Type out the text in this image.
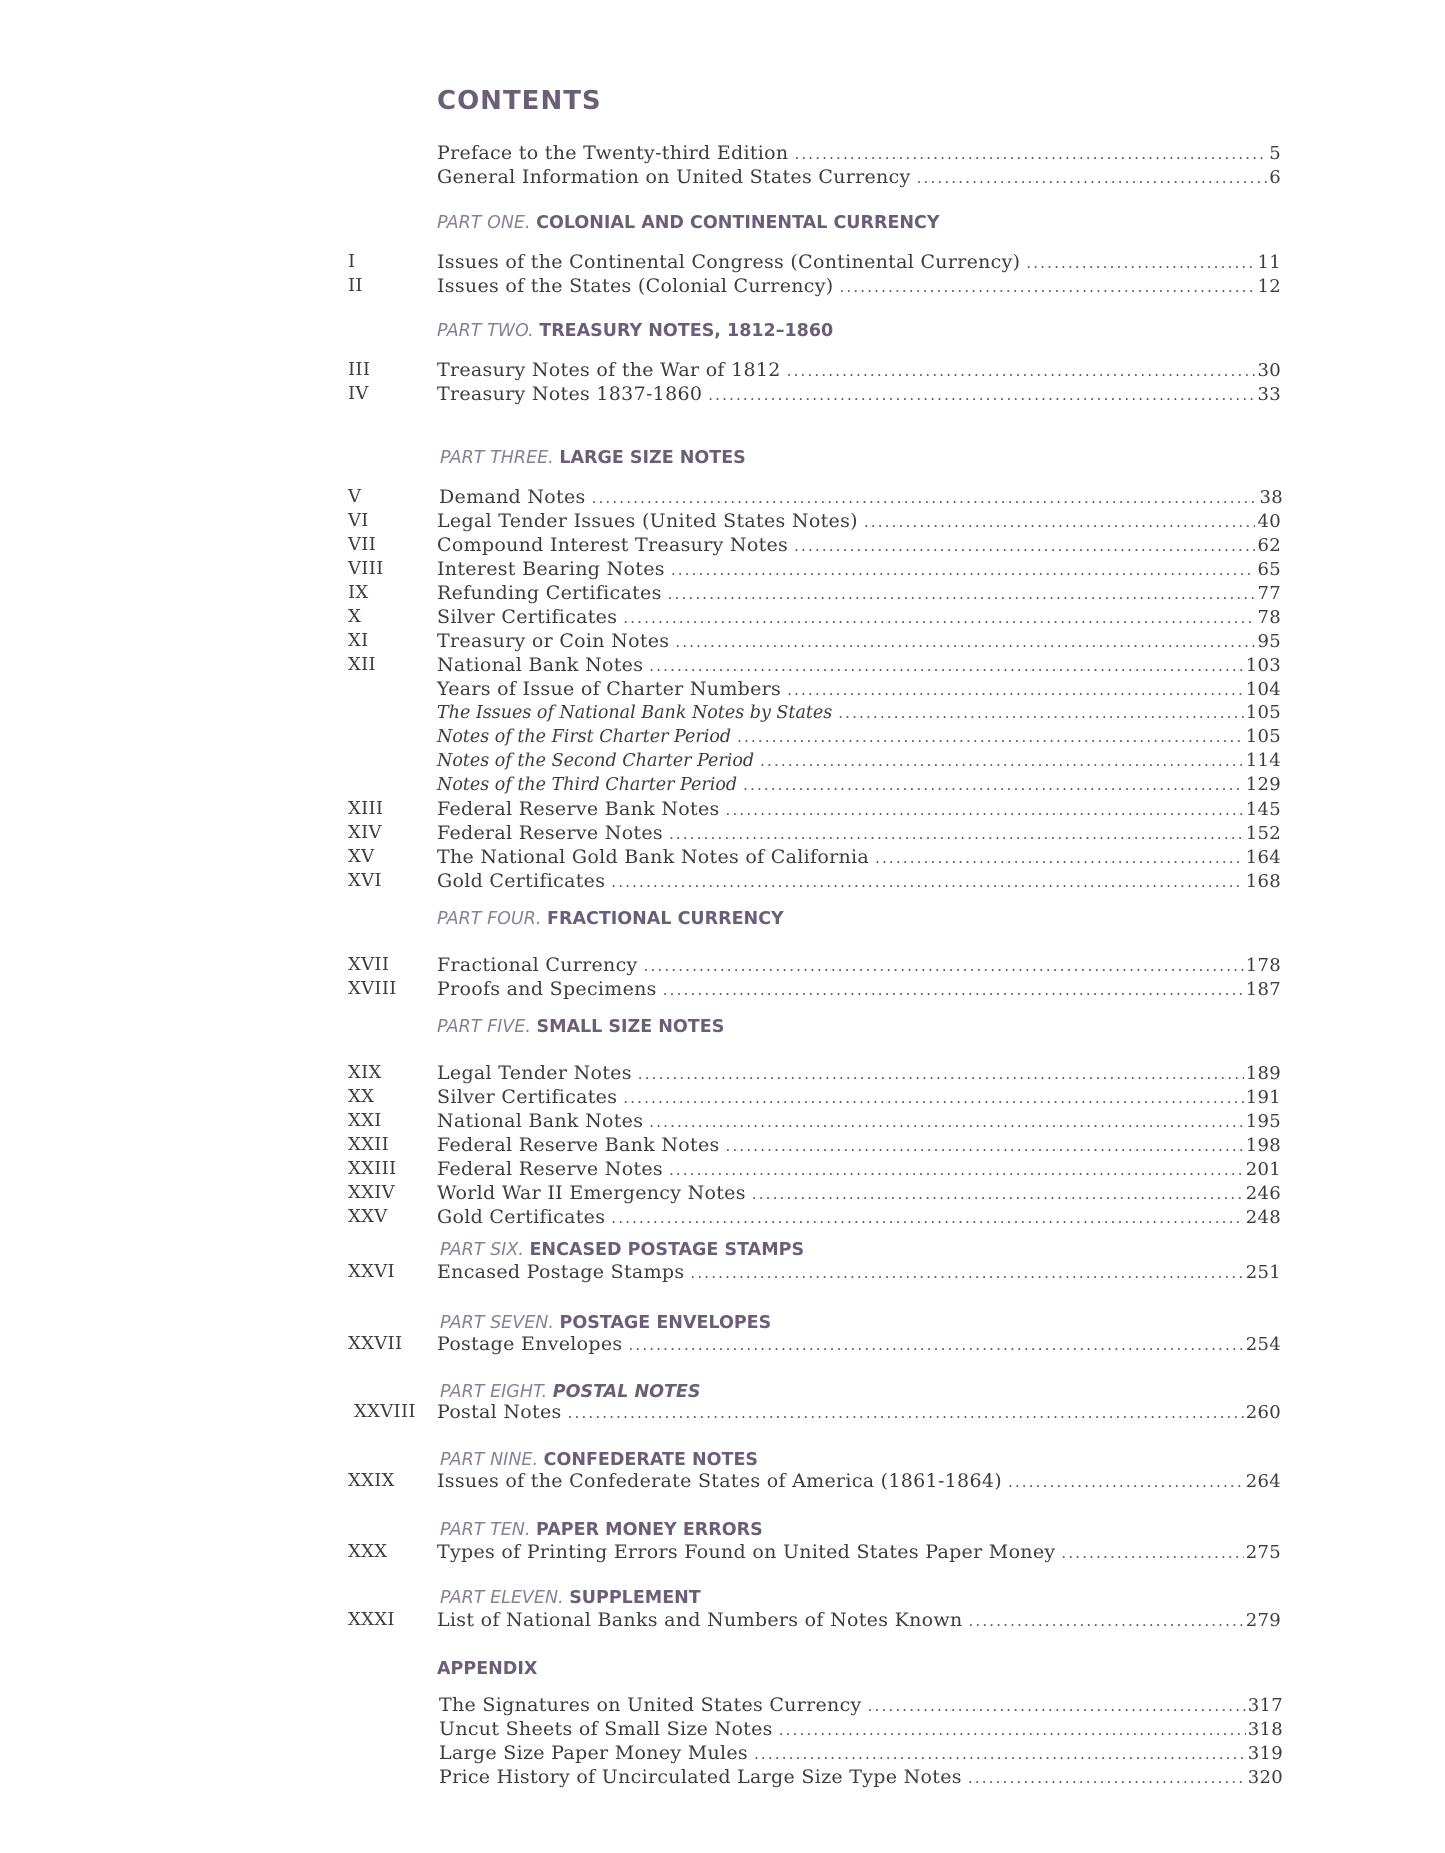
CONTENTS
PART ONE. COLONIAL AND CONTINENTAL CURRENCY
PART TWO. TREASURY NOTES, 1812–1860
PART THREE. LARGE SIZE NOTES
PART FOUR. FRACTIONAL CURRENCY
PART FIVE. SMALL SIZE NOTES
PART SIX. ENCASED POSTAGE STAMPS
PART SEVEN. POSTAGE ENVELOPES
PART EIGHT. POSTAL NOTES
PART NINE. CONFEDERATE NOTES
PART TEN. PAPER MONEY ERRORS
PART ELEVEN. SUPPLEMENT
APPENDIX
Preface to the Twenty-third Edition . . .	5
General Information on United States Currency . . .	6
I	Issues of the Continental Congress (Continental Currency) . . .	11
II	Issues of the States (Colonial Currency) . . .	12
III	Treasury Notes of the War of 1812 . . .	30
IV	Treasury Notes 1837-1860 . . .	33
V	Demand Notes . . .	38
VI	Legal Tender Issues (United States Notes) . . .	40
VII	Compound Interest Treasury Notes . . .	62
VIII	Interest Bearing Notes . . .	65
IX	Refunding Certificates . . .	77
X	Silver Certificates . . .	78
XI	Treasury or Coin Notes . . .	95
XII	National Bank Notes . . .	103
Years of Issue of Charter Numbers . . .	104
The Issues of National Bank Notes by States . . .	105
Notes of the First Charter Period . . .	105
Notes of the Second Charter Period . . .	114
Notes of the Third Charter Period . . .	129
XIII	Federal Reserve Bank Notes . . .	145
XIV	Federal Reserve Notes . . .	152
XV	The National Gold Bank Notes of California . . .	164
XVI	Gold Certificates . . .	168
XVII	Fractional Currency . . .	178
XVIII	Proofs and Specimens . . .	187
XIX	Legal Tender Notes . . .	189
XX	Silver Certificates . . .	191
XXI	National Bank Notes . . .	195
XXII	Federal Reserve Bank Notes . . .	198
XXIII	Federal Reserve Notes . . .	201
XXIV	World War II Emergency Notes . . .	246
XXV	Gold Certificates . . .	248
XXVI	Encased Postage Stamps . . .	251
XXVII	Postage Envelopes . . .	254
XXVIII	Postal Notes . . .	260
XXIX	Issues of the Confederate States of America (1861-1864) . . .	264
XXX	Types of Printing Errors Found on United States Paper Money . . .	275
XXXI	List of National Banks and Numbers of Notes Known . . .	279
The Signatures on United States Currency . . .	317
Uncut Sheets of Small Size Notes . . .	318
Large Size Paper Money Mules . . .	319
Price History of Uncirculated Large Size Type Notes . . .	320
